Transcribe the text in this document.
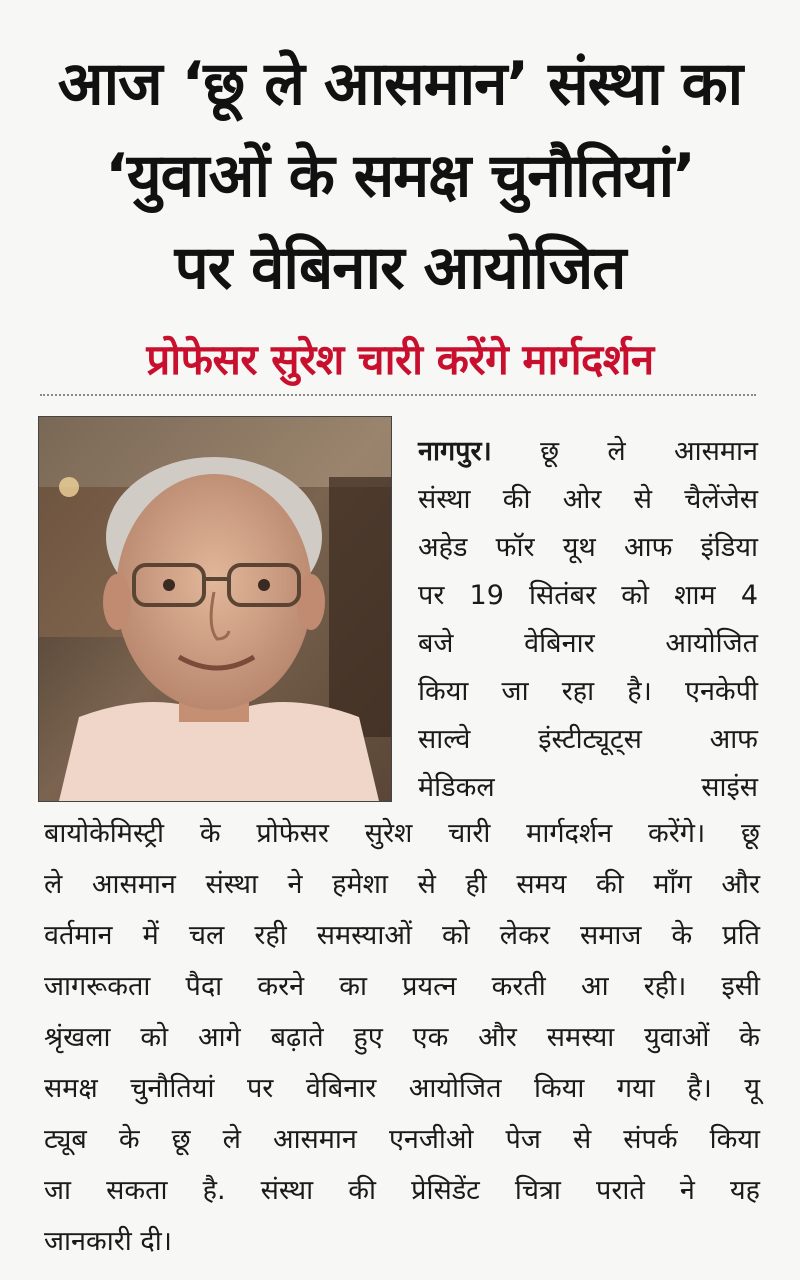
आज ‘छू ले आसमान’ संस्था का
‘युवाओं के समक्ष चुनौतियां’
पर वेबिनार आयोजित
प्रोफेसर सुरेश चारी करेंगे मार्गदर्शन
नागपुर। छू ले आसमान
संस्था की ओर से चैलेंजेस
अहेड फॉर यूथ आफ इंडिया
पर 19 सितंबर को शाम 4
बजे वेबिनार आयोजित
किया जा रहा है। एनकेपी
साल्वे इंस्टीट्यूट्स आफ
मेडिकल साइंस
बायोकेमिस्ट्री के प्रोफेसर सुरेश चारी मार्गदर्शन करेंगे। छू
ले आसमान संस्था ने हमेशा से ही समय की माँग और
वर्तमान में चल रही समस्याओं को लेकर समाज के प्रति
जागरूकता पैदा करने का प्रयत्न करती आ रही। इसी
श्रृंखला को आगे बढ़ाते हुए एक और समस्या युवाओं के
समक्ष चुनौतियां पर वेबिनार आयोजित किया गया है। यू
ट्यूब के छू ले आसमान एनजीओ पेज से संपर्क किया
जा सकता है. संस्था की प्रेसिडेंट चित्रा पराते ने यह
जानकारी दी।
